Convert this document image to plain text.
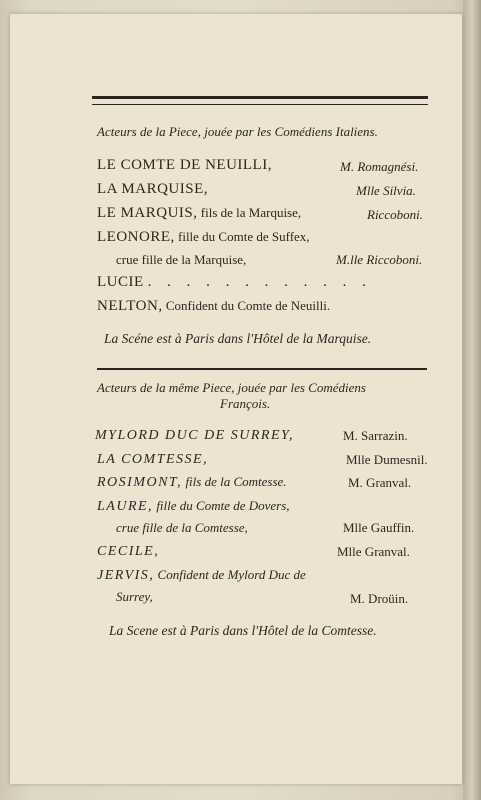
Acteurs de la Piece, jouée par les Comédiens Italiens.
LE COMTE DE NEUILLI,	M. Romagnési.
LA MARQUISE,	Mlle Silvia.
LE MARQUIS, fils de la Marquise,	Riccoboni.
LEONORE, fille du Comte de Suffex,
crue fille de la Marquise,	M.lle Riccoboni.
LUCIE . . . . . . . . . . . .
NELTON, Confident du Comte de Neuilli.
La Scéne est à Paris dans l'Hôtel de la Marquise.
Acteurs de la même Piece, jouée par les Comédiens
François.
MYLORD DUC DE SURREY,	M. Sarrazin.
LA COMTESSE,	Mlle Dumesnil.
ROSIMONT, fils de la Comtesse.	M. Granval.
LAURE, fille du Comte de Dovers,
crue fille de la Comtesse,	Mlle Gauffin.
CECILE,	Mlle Granval.
JERVIS, Confident de Mylord Duc de
Surrey,	M. Droüin.
La Scene est à Paris dans l'Hôtel de la Comtesse.
